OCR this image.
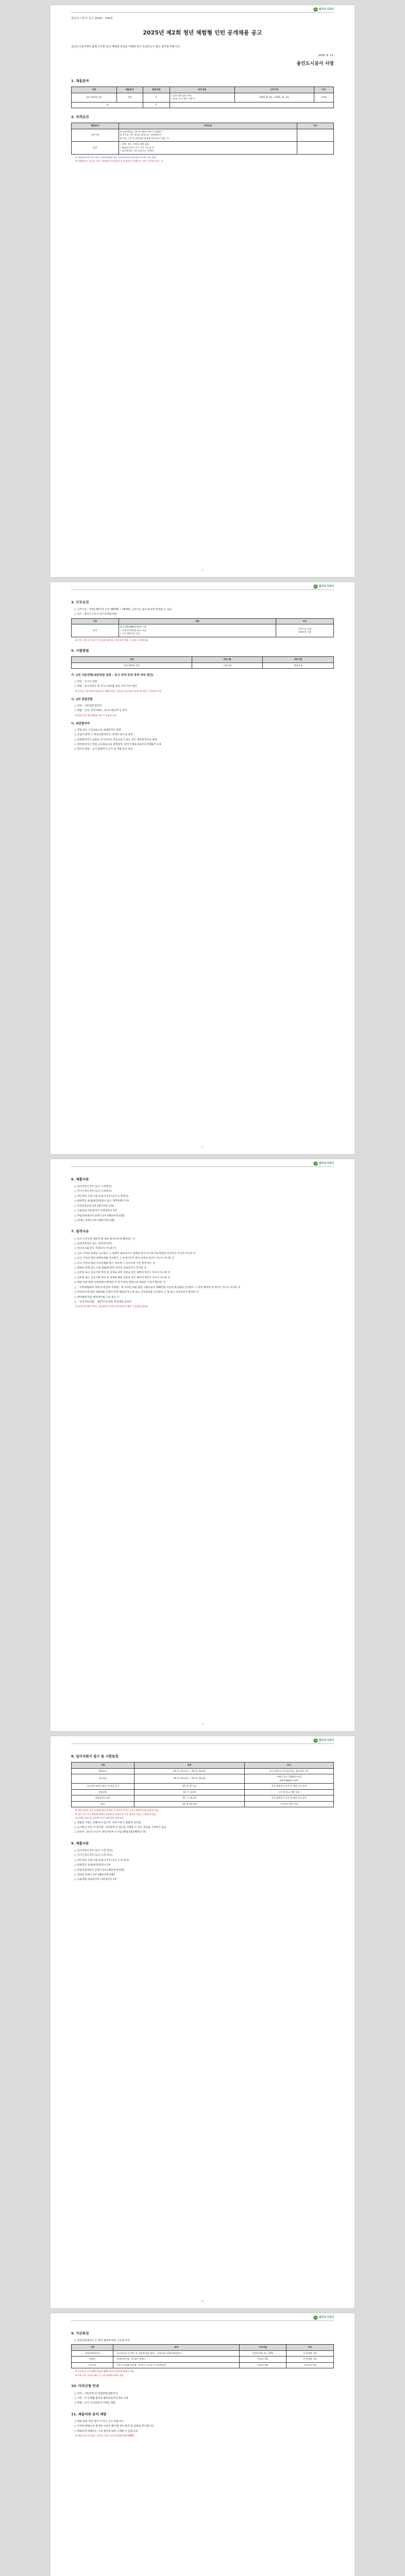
용인도시공사
용인도시공사 공고 2025 - 130호
2025년 제2회 청년 체험형 인턴 공개채용 공고
용인도시공사에서 함께 근무할 청년 체험형 인턴을 아래와 같이 모집하오니 많은 참여를 바랍니다.
2025. 6. 13.
용인도시공사 사장
1. 채용분야
구분	채용분야	채용인원	직무내용	근무기간	비고
청년 체험형 인턴	일반	5	∙ 일반 행정 업무 보조
∙ 현장, 부서 업무 지원 등	2025. 8. 25.~ 2025. 11. 24.	3개월
계		5			
2. 자격요건
채용분야	자격요건	비고
공통사항	① 임용예정일 기준 만 34세 이하인 미취업자
② 공고일 기준 학교를 졸업 또는 졸업예정자
③ 인턴 근무 및 교육훈련 참여에 결격사유가 없는 자	
일반	∙ 학력, 전공, 자격증 제한 없음
∙ 채용일로부터 즉시 근무 가능한 자
∙ 임용예정일 기준 군필 또는 면제자	

※ "취업준비생"이라 함은 고용보험법에 따른 피보험자격을 취득하지 아니한 자를 말함

※ 미취업자는 공고일 기준 고용보험 미가입자로서 일 8시간 주 40시간 이상 근무하지 않는 자

- 1 -
용인도시공사
3. 근무조건

○ 근무시간 : 주5일 40시간 근무 (09:00 ~ 18:00), 근무지는 필요에 따라 변경될 수 있음

○ 보수 : 용인도시공사 보수규정에 따름

구분	내용	비고
급여	월 2,156,880원(세전) 기준
∙ 식대 월 14만원 별도 지급
∙ 기타 법정수당 지급	주휴수당 포함
4대보험 가입

※ 인턴 근무기간 종료 후 정규직 전환과는 무관하며 채용 시 우대 등 혜택 없음

5. 시험방법
구분	1차시험	2차시험
청년 체험형 인턴	서류전형	면접시험
가. 1차 서류전형(내부위원 위촉 - 응시 자격 등의 적격 여부 판단)

○ 대상 : 응시자 전원

○ 방법 : 입사지원서 및 자기소개서를 통한 적격 여부 판단

※ 공고일 기준 접수마감일까지 제출서류를 기준으로 심사하며 결격사유 확인 시 불합격 처리

나. 2차 면접전형

○ 대상 : 서류전형 합격자

○ 방법 : 인성, 직무이해도, 의사소통능력 등 평가

※ 면접 평가 결과 60점 미만 시 불합격 처리

다. 최종합격자

○ 면접 점수 고득점순으로 최종합격자 결정

○ 동점자 발생 시 취업지원대상자, 장애인 순으로 결정

○ 최종합격자가 임용을 포기하거나 결격사유가 있는 경우 예비합격자로 대체

○ 예비합격자는 면접 고득점순으로 결정하며, 합격자 발표일로부터 3개월간 유효

○ 합격자 발표 : 공사 홈페이지 공지 및 개별 문자 통보

- 2 -
용인도시공사
6. 제출서류

○ 입사지원서 1부 (공사 소정양식)

○ 자기소개서 1부 (공사 소정양식)

○ 개인정보 수집·이용 동의서 1부 (공사 소정양식)

○ 최종학교 졸업(예정)증명서 또는 재학증명서 1부

○ 주민등록초본 1부 (병역사항 포함)

○ 고용보험 피보험자격 이력내역서 1부

○ 취업지원대상자 증명서 1부 (해당자에 한함)

○ 장애인 증명서 1부 (해당자에 한함)

7. 결격사유

○ 공사 인사규정 제17조에 따른 결격사유에 해당하는 자

○ 피성년후견인 또는 피한정후견인

○ 파산선고를 받고 복권되지 아니한 자

○ 금고 이상의 실형을 선고받고 그 집행이 종료되거나 집행을 받지 아니하기로 확정된 후 5년이 지나지 아니한 자

○ 금고 이상의 형의 집행유예를 선고받고 그 유예기간이 끝난 날부터 2년이 지나지 아니한 자

○ 금고 이상의 형의 선고유예를 받은 경우에 그 선고유예 기간 중에 있는 자

○ 법원의 판결 또는 다른 법률에 따라 자격이 상실되거나 정지된 자

○ 공무원 또는 공공기관 재직 중 징계로 파면 처분을 받은 때부터 5년이 지나지 아니한 자

○ 공무원 또는 공공기관 재직 중 징계로 해임 처분을 받은 때부터 3년이 지나지 아니한 자

○ 채용 비위 관련 유죄판결이 확정된 자 및 부정한 방법으로 채용된 사실이 확인된 자

○ 「성폭력범죄의 처벌 등에 관한 특례법」에 규정된 죄를 범한 사람으로서 100만원 이상의 벌금형을 선고받고 그 형이 확정된 후 3년이 지나지 아니한 자

○ 미성년자에 대한 성범죄를 저질러 파면·해임되거나 형 또는 치료감호를 선고받아 그 형 또는 치료감호가 확정된 자

○ 병역법에 따른 병역의무를 기피 중인 자

○ 「공직자윤리법」 제17조에 따른 취업제한 대상자

※ 결격사유 해당 여부는 최종합격자 결정 전 확인하며, 해당 시 합격을 취소함

- 3 -
용인도시공사
8. 입사지원서 접수 및 시험일정
구분	일정	비고
채용공고	'25. 6. 13.(금) ~ '25. 6. 23.(월)	공사 홈페이지 및 잡알리오, 잡코리아 게시
원서접수	'25. 6. 16.(월) ~ '25. 6. 23.(월)	이메일 접수 (18:00 마감)
recruit@yuc.co.kr
서류전형 합격자 발표 및 면접 공고	'25. 6. 27.(금)	공사 홈페이지 공지 및 개별 문자 통보
면접전형	'25. 7. 3.(목)	시간 및 장소 개별 통보
최종합격자 발표	'25. 7. 10.(목)	공사 홈페이지 공지 및 개별 문자 통보
임용	'25. 8. 25.(월)	근무부서 추후 안내

※ 세부 일정은 공사 사정에 따라 변경될 수 있으며, 변경 시 공사 홈페이지를 통해 공지함

※ 접수기간 내 도착분에 한하여 유효하며, 마감시간 이후 접수된 서류는 인정하지 않음

※ 이메일 제목 및 파일명: [인턴지원]성명_생년월일

○ 제출된 서류는 반환하지 않으며, 허위기재 시 불합격 처리함

○ 응시원서 작성 시 학교명, 가족관계 등 개인을 식별할 수 있는 정보를 기재하지 않음

○ 문의처 : 용인도시공사 경영지원부 인사팀 (031-323-4571~3)

9. 제출서류

○ 입사지원서 1부 (공사 소정 양식)

○ 자기소개서 1부 (공사 소정 양식)

○ 개인정보 수집·이용 동의서 1부 (공사 소정 양식)

○ 최종학교 졸업(예정)증명서 1부

○ 취업지원대상자 증명서 1부 (해당자에 한함)

○ 장애인 증명서 1부 (해당자에 한함)

○ 고용보험 피보험자격 이력내역서 1부

- 4 -
용인도시공사
9. 가산특전

○ 취업지원대상자 등 관련 법령에 따른 가산점 부여

구분	대상	가산비율	비고
취업지원대상자	「국가유공자 등 예우 및 지원에 관한 법률」 등에 따른 취업지원대상자	만점의 5% 또는 10%	각 단계별 적용
장애인	「장애인복지법」에 따른 장애인	만점의 5%	각 단계별 적용
저소득층	「국민기초생활 보장법」에 따른 수급자 및 차상위계층	만점의 3%	서류전형 적용

※ 가산점은 각 단계별 만점의 40% 이상 득점자에 한하여 적용

※ 2개 이상 가산점 해당 시 가장 유리한 1개만 적용

10. 이의신청 안내

○ 대상 : 서류전형 및 면접전형 불합격자

○ 기간 : 각 단계별 합격자 발표일로부터 3일 이내

○ 방법 : 공사 인사담당자 이메일 제출

11. 채용비위 등의 예방

○ 채용 관련 부정 청탁 시 즉시 신고 바랍니다.

○ 부정한 방법으로 합격한 사실이 확인될 경우 합격 및 임용을 취소합니다.

○ 채용비위 피해자는 구제 절차에 따라 구제될 수 있습니다.

※ 채용비리 신고센터 : 용인도시공사 감사실 (031-323-4600)
